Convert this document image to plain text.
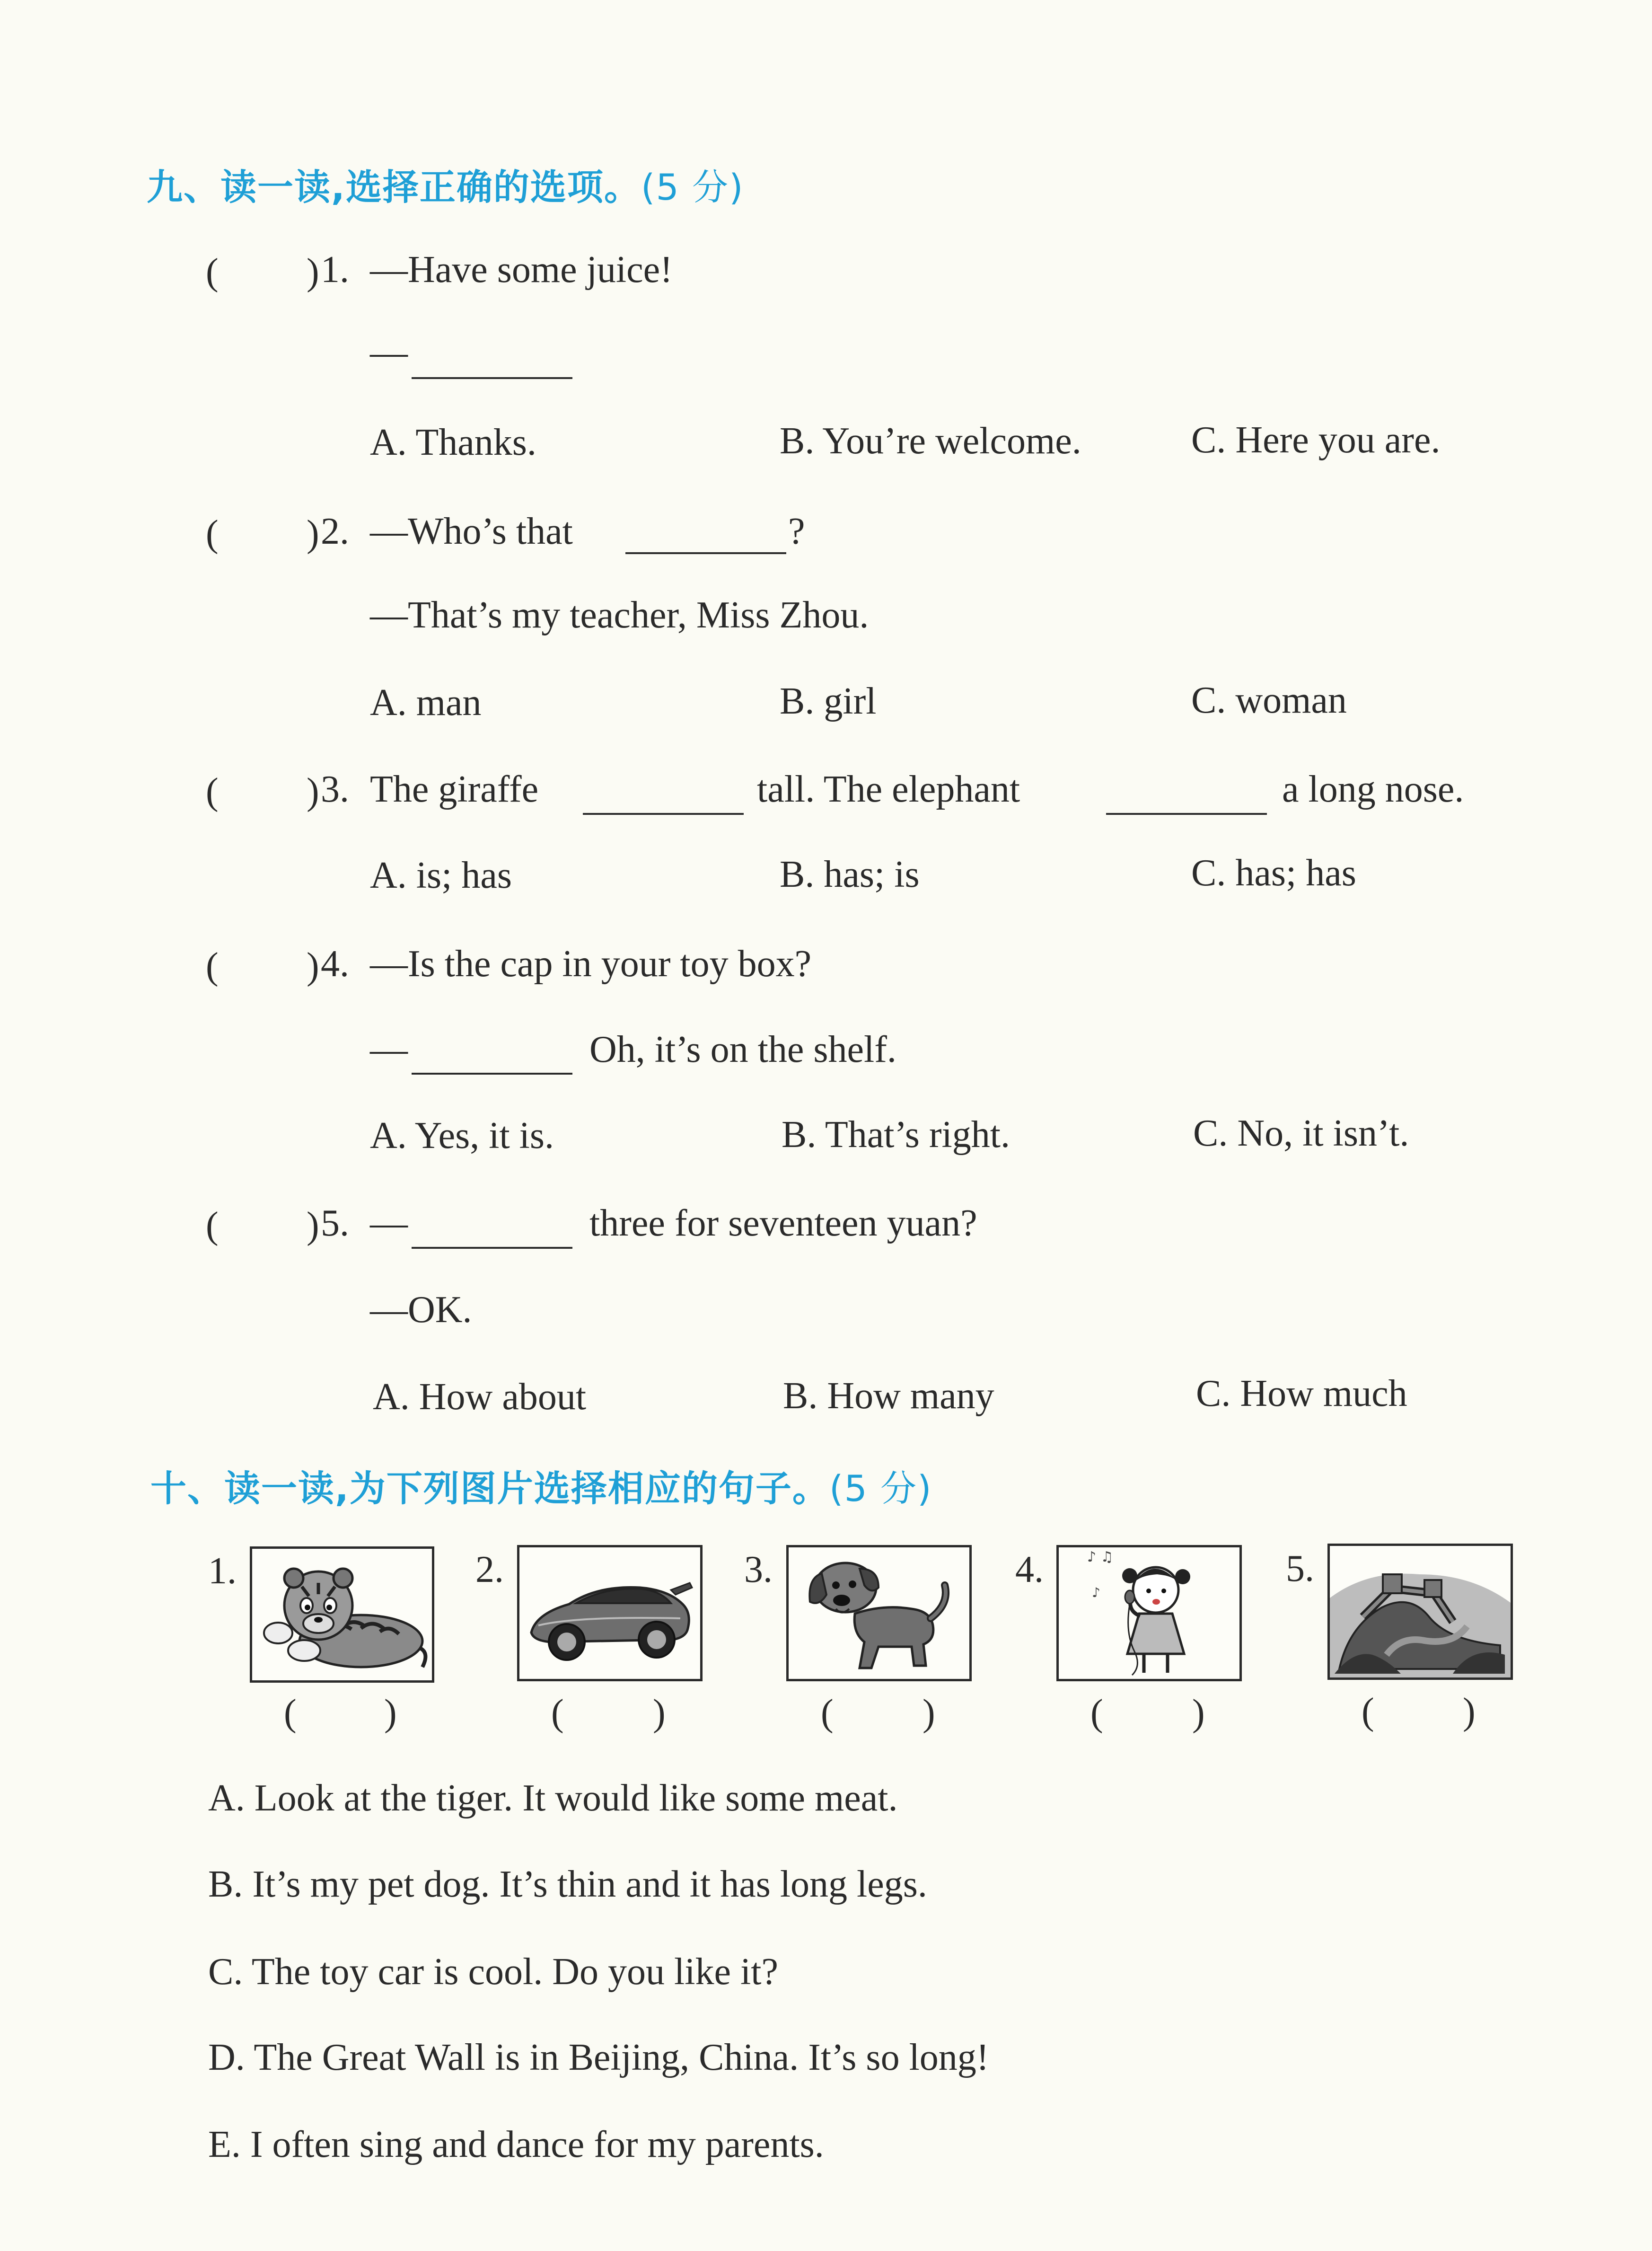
九、读一读,选择正确的选项。(5 分)
( ) 1. —Have some juice!
—
A. Thanks.	B. You’re welcome.	C. Here you are.
( ) 2. —Who’s that	?
—That’s my teacher, Miss Zhou.
A. man	B. girl	C. woman
( ) 3. The giraffe	tall. The elephant	a long nose.
A. is; has	B. has; is	C. has; has
( ) 4. —Is the cap in your toy box?
—	Oh, it’s on the shelf.
A. Yes, it is.	B. That’s right.	C. No, it isn’t.
( ) 5. —	three for seventeen yuan?
—OK.
A. How about	B. How many	C. How much
十、读一读,为下列图片选择相应的句子。(5 分)
1.
( )
2.
( )
3.
( )
4.	♪ ♫
♪
( )
5.
( )
A. Look at the tiger. It would like some meat.
B. It’s my pet dog. It’s thin and it has long legs.
C. The toy car is cool. Do you like it?
D. The Great Wall is in Beijing, China. It’s so long!
E. I often sing and dance for my parents.
